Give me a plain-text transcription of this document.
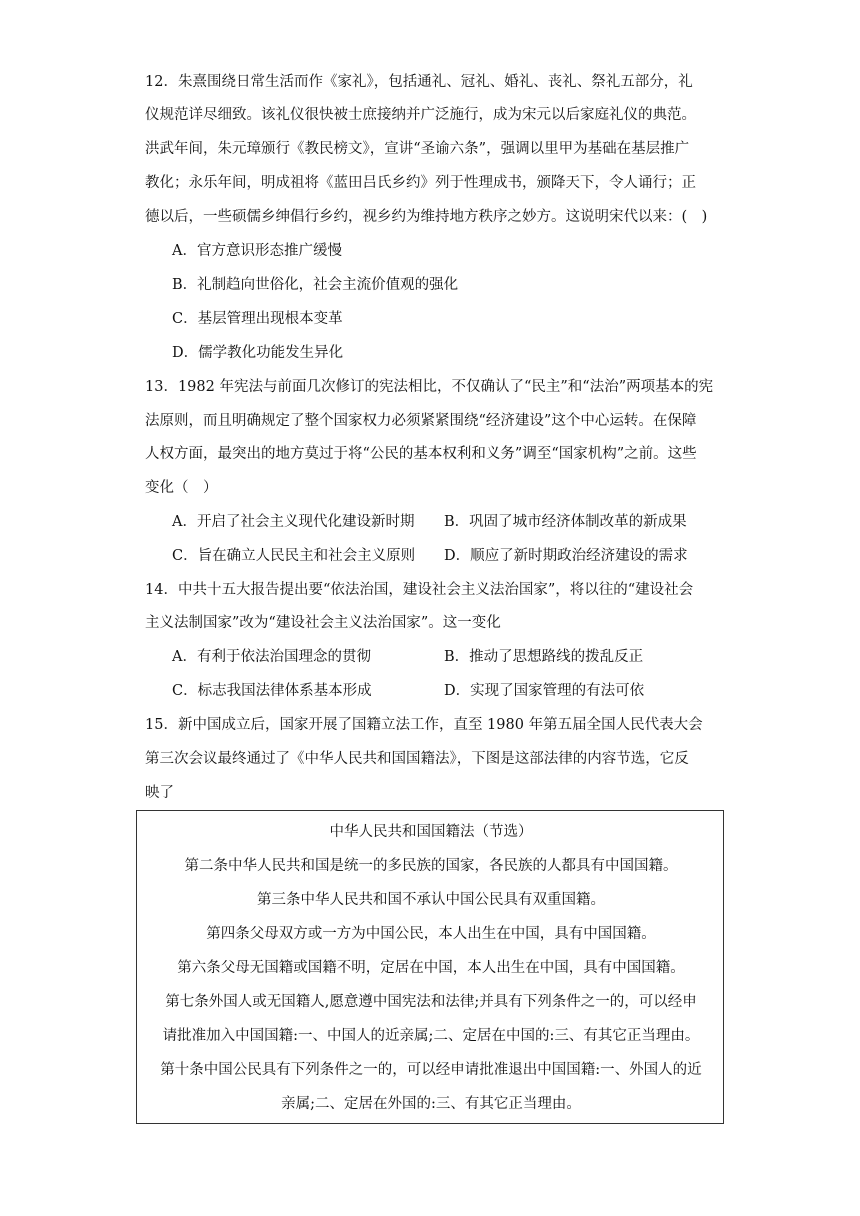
12．朱熹围绕日常生活而作《家礼》，包括通礼、冠礼、婚礼、丧礼、祭礼五部分，礼
仪规范详尽细致。该礼仪很快被士庶接纳并广泛施行，成为宋元以后家庭礼仪的典范。
洪武年间，朱元璋颁行《教民榜文》，宣讲“圣谕六条”，强调以里甲为基础在基层推广
教化；永乐年间，明成祖将《蓝田吕氏乡约》列于性理成书，颁降天下，令人诵行；正
德以后，一些硕儒乡绅倡行乡约，视乡约为维持地方秩序之妙方。这说明宋代以来：(　)
A．官方意识形态推广缓慢
B．礼制趋向世俗化，社会主流价值观的强化
C．基层管理出现根本变革
D．儒学教化功能发生异化
13．1982 年宪法与前面几次修订的宪法相比，不仅确认了“民主”和“法治”两项基本的宪
法原则，而且明确规定了整个国家权力必须紧紧围绕“经济建设”这个中心运转。在保障
人权方面，最突出的地方莫过于将“公民的基本权利和义务”调至“国家机构”之前。这些
变化（　）
A．开启了社会主义现代化建设新时期 B．巩固了城市经济体制改革的新成果
C．旨在确立人民民主和社会主义原则 D．顺应了新时期政治经济建设的需求
14．中共十五大报告提出要“依法治国，建设社会主义法治国家”，将以往的“建设社会
主义法制国家”改为“建设社会主义法治国家”。这一变化
A．有利于依法治国理念的贯彻	B．推动了思想路线的拨乱反正
C．标志我国法律体系基本形成	D．实现了国家管理的有法可依
15．新中国成立后，国家开展了国籍立法工作，直至 1980 年第五届全国人民代表大会
第三次会议最终通过了《中华人民共和国国籍法》，下图是这部法律的内容节选，它反
映了
中华人民共和国国籍法（节选）
第二条中华人民共和国是统一的多民族的国家，各民族的人都具有中国国籍。
第三条中华人民共和国不承认中国公民具有双重国籍。
第四条父母双方或一方为中国公民，本人出生在中国，具有中国国籍。
第六条父母无国籍或国籍不明，定居在中国，本人出生在中国，具有中国国籍。
第七条外国人或无国籍人,愿意遵中国宪法和法律;并具有下列条件之一的，可以经申
请批准加入中国国籍:一、中国人的近亲属;二、定居在中国的:三、有其它正当理由。
第十条中国公民具有下列条件之一的，可以经申请批准退出中国国籍:一、外国人的近
亲属;二、定居在外国的:三、有其它正当理由。
